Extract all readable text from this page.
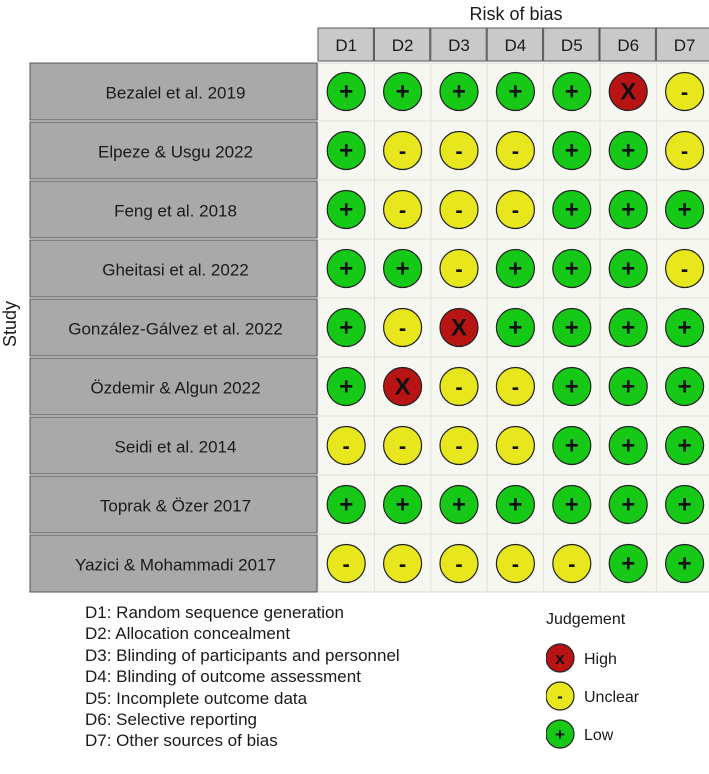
Risk of bias
Study
D1 D2 D3 D4 D5 D6 D7
Bezalel et al. 2019
Elpeze & Usgu 2022
Feng et al. 2018
Gheitasi et al. 2022
González-Gálvez et al. 2022
Özdemir & Algun 2022
Seidi et al. 2014
Toprak & Özer 2017
Yazici & Mohammadi 2017
+ + + + + X -
+ - - - + + -
+ - - - + + +
+ + - + + + -
+ - X + + + +
+ X - - + + +
- - - - + + +
+ + + + + + +
- - - - - + +
D1: Random sequence generation
D2: Allocation concealment
D3: Blinding of participants and personnel
D4: Blinding of outcome assessment
D5: Incomplete outcome data
D6: Selective reporting
D7: Other sources of bias
Judgement
x High
- Unclear
+ Low
